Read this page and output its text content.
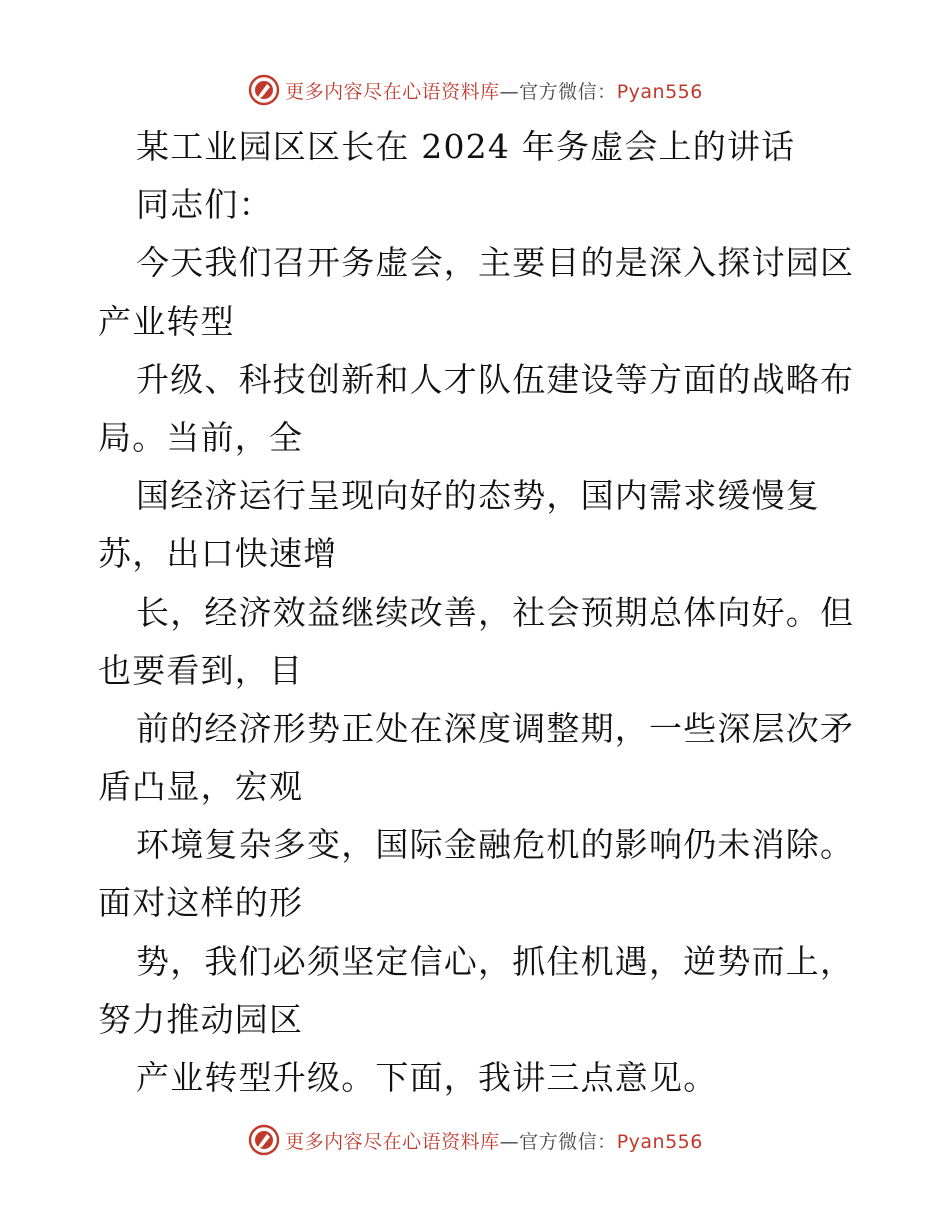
更多内容尽在心语资料库—官方微信：Pyan556
某工业园区区长在 2024 年务虚会上的讲话
同志们：
今天我们召开务虚会，主要目的是深入探讨园区
产业转型
升级、科技创新和人才队伍建设等方面的战略布
局。当前，全
国经济运行呈现向好的态势，国内需求缓慢复
苏，出口快速增
长，经济效益继续改善，社会预期总体向好。但
也要看到，目
前的经济形势正处在深度调整期，一些深层次矛
盾凸显，宏观
环境复杂多变，国际金融危机的影响仍未消除。
面对这样的形
势，我们必须坚定信心，抓住机遇，逆势而上，
努力推动园区
产业转型升级。下面，我讲三点意见。
更多内容尽在心语资料库—官方微信：Pyan556
